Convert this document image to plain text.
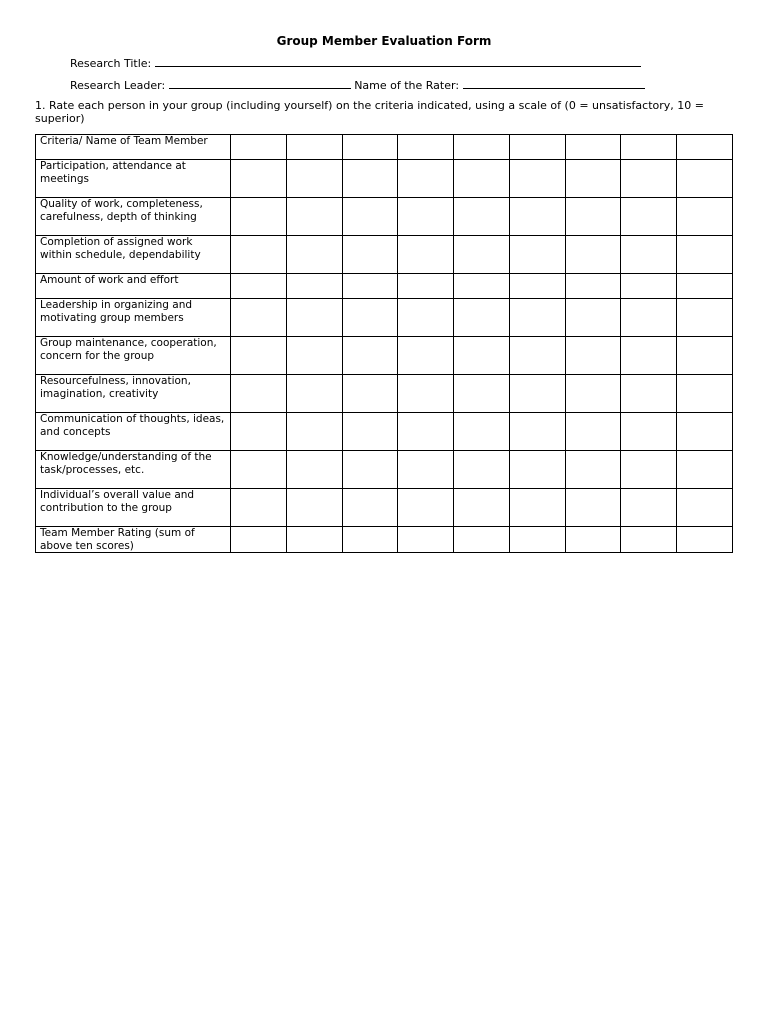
Group Member Evaluation Form
Research Title:
Research Leader:	Name of the Rater:
1. Rate each person in your group (including yourself) on the criteria indicated, using a scale of (0 = unsatisfactory, 10 = superior)
Criteria/ Name of Team Member									
Participation, attendance at meetings									
Quality of work, completeness, carefulness, depth of thinking									
Completion of assigned work within schedule, dependability									
Amount of work and effort									
Leadership in organizing and motivating group members									
Group maintenance, cooperation, concern for the group									
Resourcefulness, innovation, imagination, creativity									
Communication of thoughts, ideas, and concepts									
Knowledge/understanding of the task/processes, etc.									
Individual’s overall value and contribution to the group									
Team Member Rating (sum of above ten scores)									
